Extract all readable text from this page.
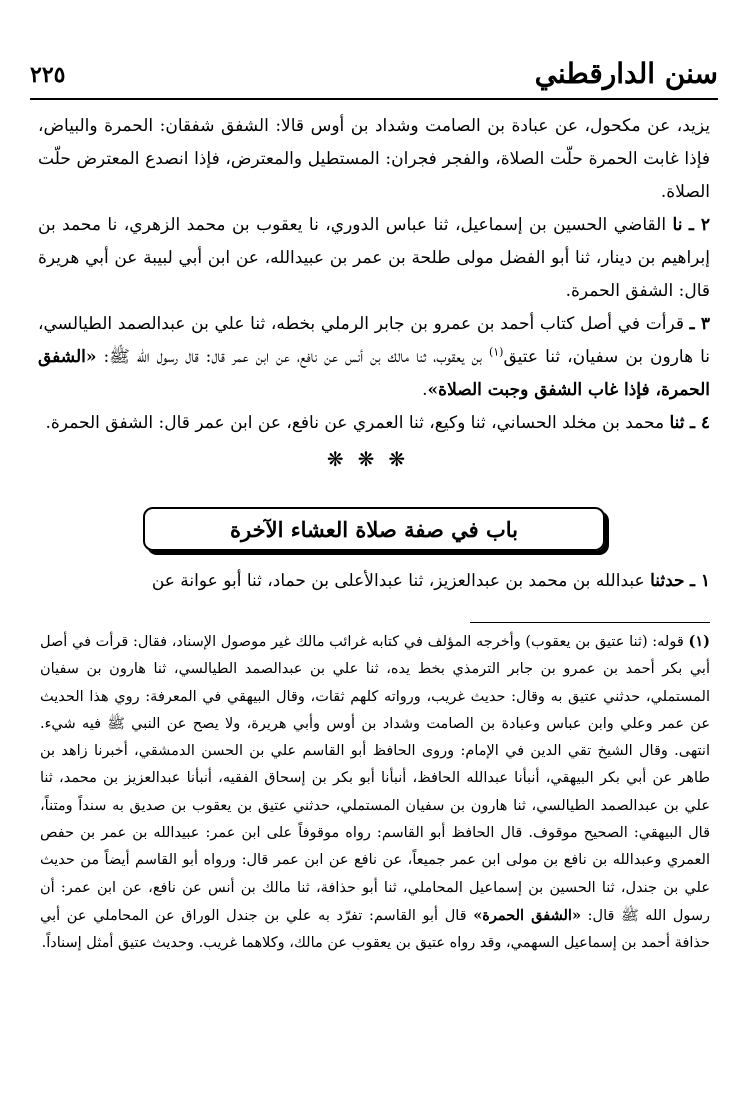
سنن الدارقطني
٢٢٥

يزيد، عن مكحول، عن عبادة بن الصامت وشداد بن أوس قالا: الشفق شفقان: الحمرة والبياض، فإذا غابت الحمرة حلّت الصلاة، والفجر فجران: المستطيل والمعترض، فإذا انصدع المعترض حلّت الصلاة.

٢ ـ نا القاضي الحسين بن إسماعيل، ثنا عباس الدوري، نا يعقوب بن محمد الزهري، نا محمد بن إبراهيم بن دينار، ثنا أبو الفضل مولى طلحة بن عمر بن عبيدالله، عن ابن أبي لبيبة عن أبي هريرة قال: الشفق الحمرة.

٣ ـ قرأت في أصل كتاب أحمد بن عمرو بن جابر الرملي بخطه، ثنا علي بن عبدالصمد الطيالسي، نا هارون بن سفيان، ثنا عتيق$^{(١)}$ بن يعقوب، ثنا مالك بن أنس عن نافع، عن ابن عمر قال: قال رسول الله ﷺ: «الشفق الحمرة، فإذا غاب الشفق وجبت الصلاة».

٤ ـ ثنا محمد بن مخلد الحساني، ثنا وكيع، ثنا العمري عن نافع، عن ابن عمر قال: الشفق الحمرة.

❋❋❋
باب في صفة صلاة العشاء الآخرة

١ ـ حدثنا عبدالله بن محمد بن عبدالعزيز، ثنا عبدالأعلى بن حماد، ثنا أبو عوانة عن

(١) قوله: (ثنا عتيق بن يعقوب) وأخرجه المؤلف في كتابه غرائب مالك غير موصول الإسناد، فقال: قرأت في أصل أبي بكر أحمد بن عمرو بن جابر الترمذي بخط يده، ثنا علي بن عبدالصمد الطيالسي، ثنا هارون بن سفيان المستملي، حدثني عتيق به وقال: حديث غريب، ورواته كلهم ثقات، وقال البيهقي في المعرفة: روي هذا الحديث عن عمر وعلي وابن عباس وعبادة بن الصامت وشداد بن أوس وأبي هريرة، ولا يصح عن النبي ﷺ فيه شيء. انتهى. وقال الشيخ تقي الدين في الإمام: وروى الحافظ أبو القاسم علي بن الحسن الدمشقي، أخبرنا زاهد بن طاهر عن أبي بكر البيهقي، أنبأنا عبدالله الحافظ، أنبأنا أبو بكر بن إسحاق الفقيه، أنبأنا عبدالعزيز بن محمد، ثنا علي بن عبدالصمد الطيالسي، ثنا هارون بن سفيان المستملي، حدثني عتيق بن يعقوب بن صديق به سنداً ومتناً، قال البيهقي: الصحيح موقوف. قال الحافظ أبو القاسم: رواه موقوفاً على ابن عمر: عبيدالله بن عمر بن حفص العمري وعبدالله بن نافع بن مولى ابن عمر جميعاً، عن نافع عن ابن عمر قال: ورواه أبو القاسم أيضاً من حديث علي بن جندل، ثنا الحسين بن إسماعيل المحاملي، ثنا أبو حذافة، ثنا مالك بن أنس عن نافع، عن ابن عمر: أن رسول الله ﷺ قال: «الشفق الحمرة» قال أبو القاسم: تفرّد به علي بن جندل الوراق عن المحاملي عن أبي حذافة أحمد بن إسماعيل السهمي، وقد رواه عتيق بن يعقوب عن مالك، وكلاهما غريب. وحديث عتيق أمثل إسناداً.
